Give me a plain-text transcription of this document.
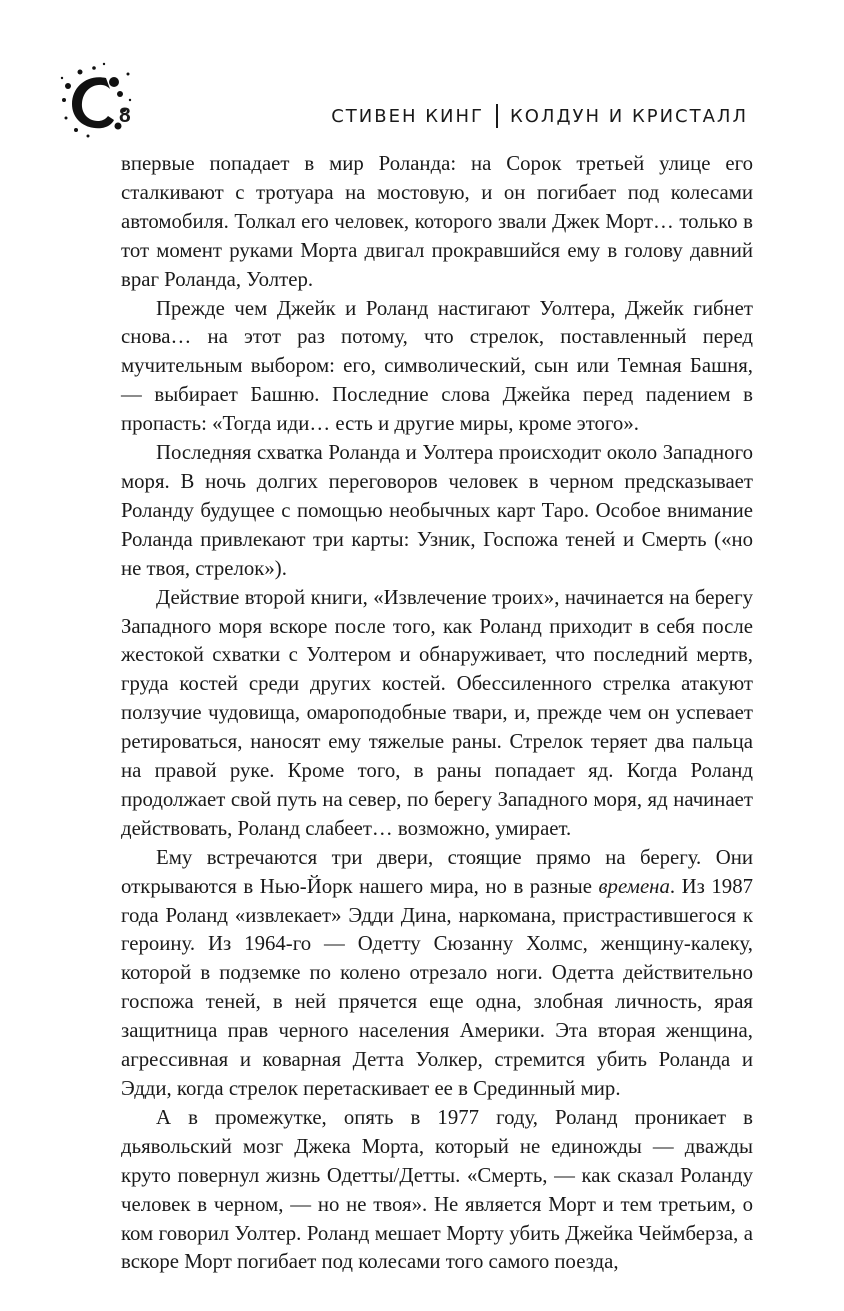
8	СТИВЕН КИНГ КОЛДУН И КРИСТАЛЛ

впервые попадает в мир Роланда: на Сорок третьей улице его сталкивают с тротуара на мостовую, и он погибает под колесами автомобиля. Толкал его человек, которого звали Джек Морт… только в тот момент руками Морта двигал прокравшийся ему в голову давний враг Роланда, Уолтер.

Прежде чем Джейк и Роланд настигают Уолтера, Джейк гибнет снова… на этот раз потому, что стрелок, поставленный перед мучительным выбором: его, символический, сын или Темная Башня, — выбирает Башню. Последние слова Джейка перед падением в пропасть: «Тогда иди… есть и другие миры, кроме этого».

Последняя схватка Роланда и Уолтера происходит около Западного моря. В ночь долгих переговоров человек в черном предсказывает Роланду будущее с помощью необычных карт Таро. Особое внимание Роланда привлекают три карты: Узник, Госпожа теней и Смерть («но не твоя, стрелок»).

Действие второй книги, «Извлечение троих», начинается на берегу Западного моря вскоре после того, как Роланд приходит в себя после жестокой схватки с Уолтером и обнаруживает, что последний мертв, груда костей среди других костей. Обессиленного стрелка атакуют ползучие чудовища, омароподобные твари, и, прежде чем он успевает ретироваться, наносят ему тяжелые раны. Стрелок теряет два пальца на правой руке. Кроме того, в раны попадает яд. Когда Роланд продолжает свой путь на север, по берегу Западного моря, яд начинает действовать, Роланд слабеет… возможно, умирает.

Ему встречаются три двери, стоящие прямо на берегу. Они открываются в Нью-Йорк нашего мира, но в разные времена. Из 1987 года Роланд «извлекает» Эдди Дина, наркомана, пристрастившегося к героину. Из 1964-го — Одетту Сюзанну Холмс, женщину-калеку, которой в подземке по колено отрезало ноги. Одетта действительно госпожа теней, в ней прячется еще одна, злобная личность, ярая защитница прав черного населения Америки. Эта вторая женщина, агрессивная и коварная Детта Уолкер, стремится убить Роланда и Эдди, когда стрелок перетаскивает ее в Срединный мир.

А в промежутке, опять в 1977 году, Роланд проникает в дьявольский мозг Джека Морта, который не единожды — дважды круто повернул жизнь Одетты/Детты. «Смерть, — как сказал Роланду человек в черном, — но не твоя». Не является Морт и тем третьим, о ком говорил Уолтер. Роланд мешает Морту убить Джейка Чеймберза, а вскоре Морт погибает под колесами того самого поезда,
